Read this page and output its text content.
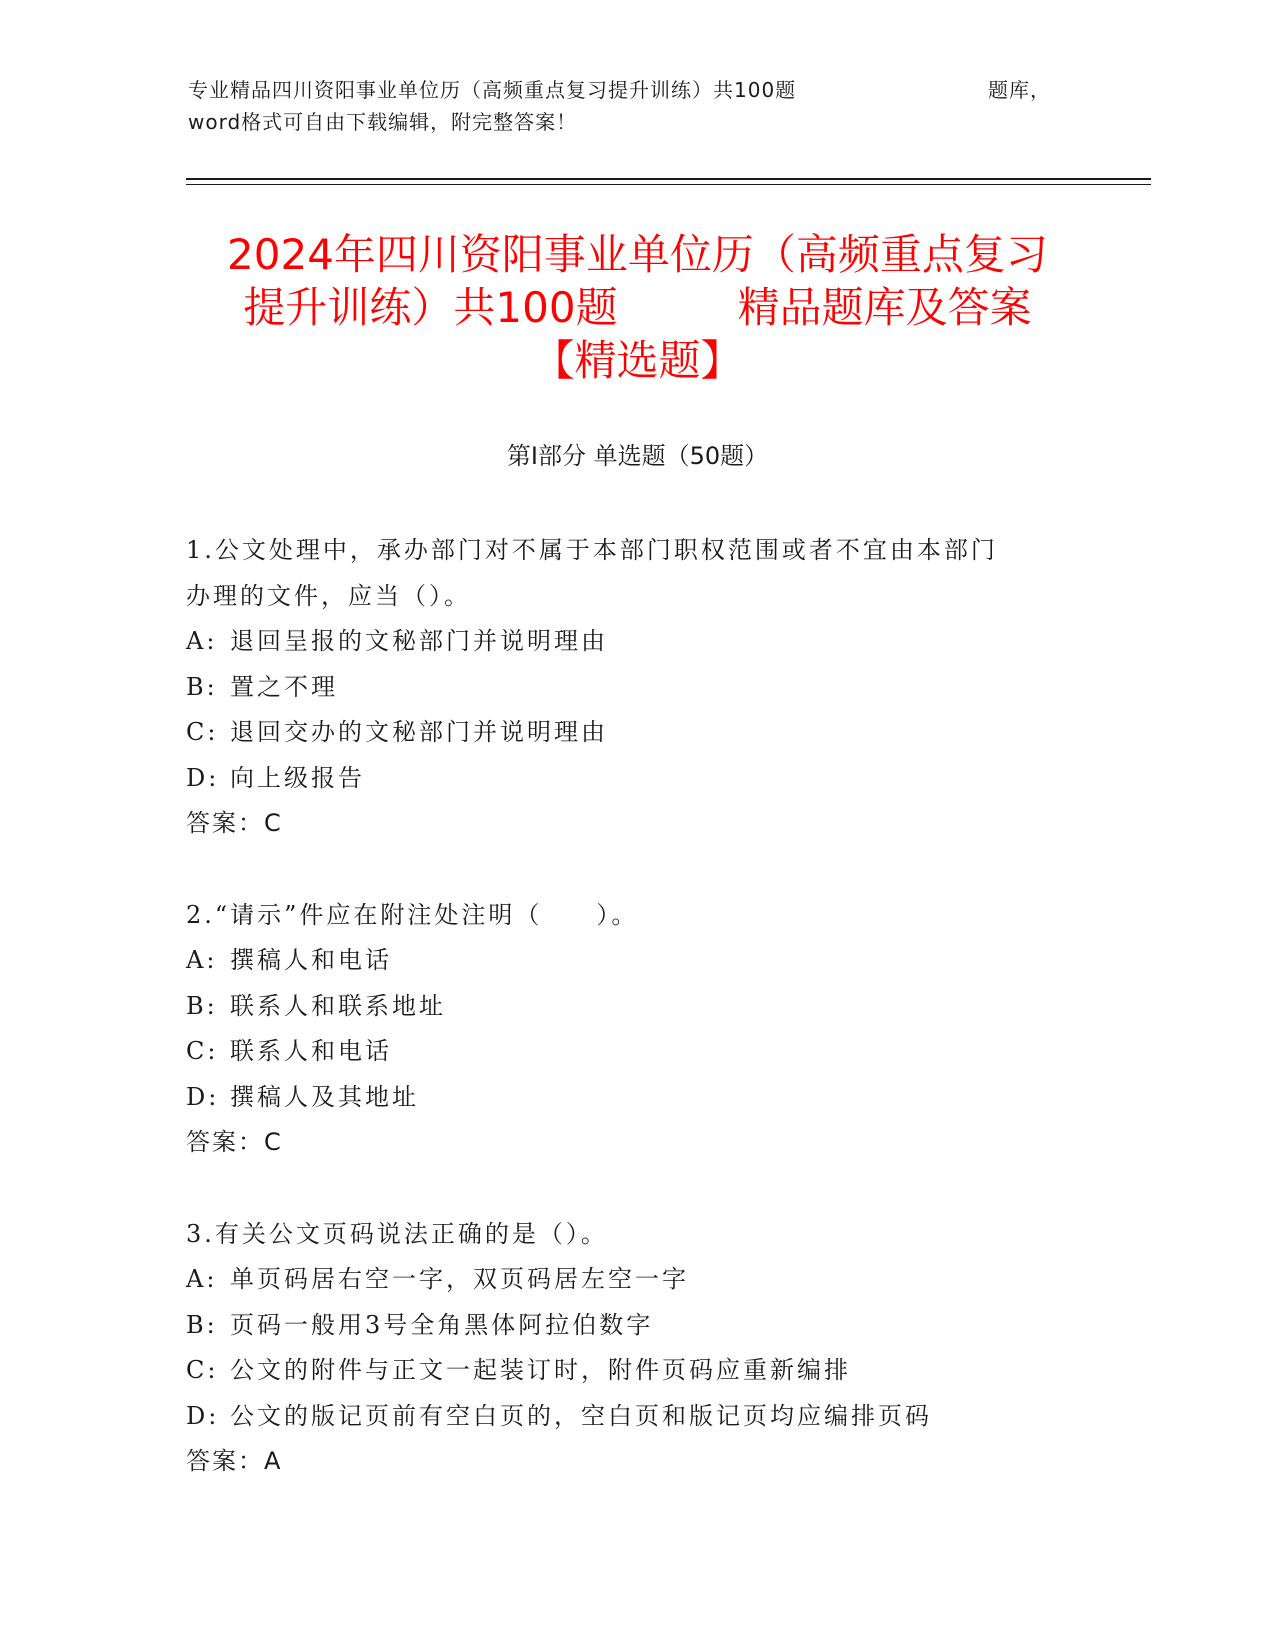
专业精品四川资阳事业单位历（高频重点复习提升训练）共100题	题库，
word格式可自由下载编辑，附完整答案！
2024年四川资阳事业单位历（高频重点复习
提升训练）共100题	精品题库及答案
【精选题】
第Ⅰ部分 单选题（50题）
1.公文处理中，承办部门对不属于本部门职权范围或者不宜由本部门
办理的文件，应当（）。
A: 退回呈报的文秘部门并说明理由
B: 置之不理
C: 退回交办的文秘部门并说明理由
D: 向上级报告
答案：C
2.“请示”件应在附注处注明（　　）。
A: 撰稿人和电话
B: 联系人和联系地址
C: 联系人和电话
D: 撰稿人及其地址
答案：C
3.有关公文页码说法正确的是（）。
A: 单页码居右空一字，双页码居左空一字
B: 页码一般用3号全角黑体阿拉伯数字
C: 公文的附件与正文一起装订时，附件页码应重新编排
D: 公文的版记页前有空白页的，空白页和版记页均应编排页码
答案：A
